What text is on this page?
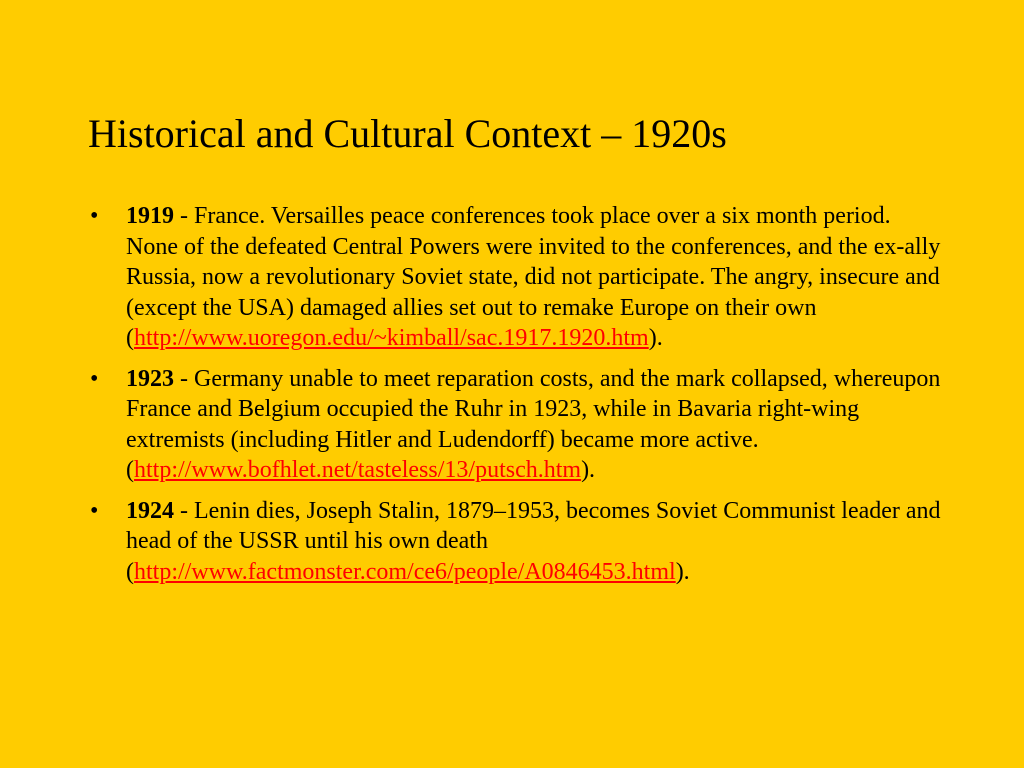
Historical and Cultural Context – 1920s
• 1919 - France. Versailles peace conferences took place over a six month period. None of the defeated Central Powers were invited to the conferences, and the ex-ally Russia, now a revolutionary Soviet state, did not participate. The angry, insecure and (except the USA) damaged allies set out to remake Europe on their own (http://www.uoregon.edu/~kimball/sac.1917.1920.htm).
• 1923 - Germany unable to meet reparation costs, and the mark collapsed, whereupon France and Belgium occupied the Ruhr in 1923, while in Bavaria right-wing extremists (including Hitler and Ludendorff) became more active. (http://www.bofhlet.net/tasteless/13/putsch.htm).
• 1924 - Lenin dies, Joseph Stalin, 1879–1953, becomes Soviet Communist leader and head of the USSR until his own death (http://www.factmonster.com/ce6/people/A0846453.html).
